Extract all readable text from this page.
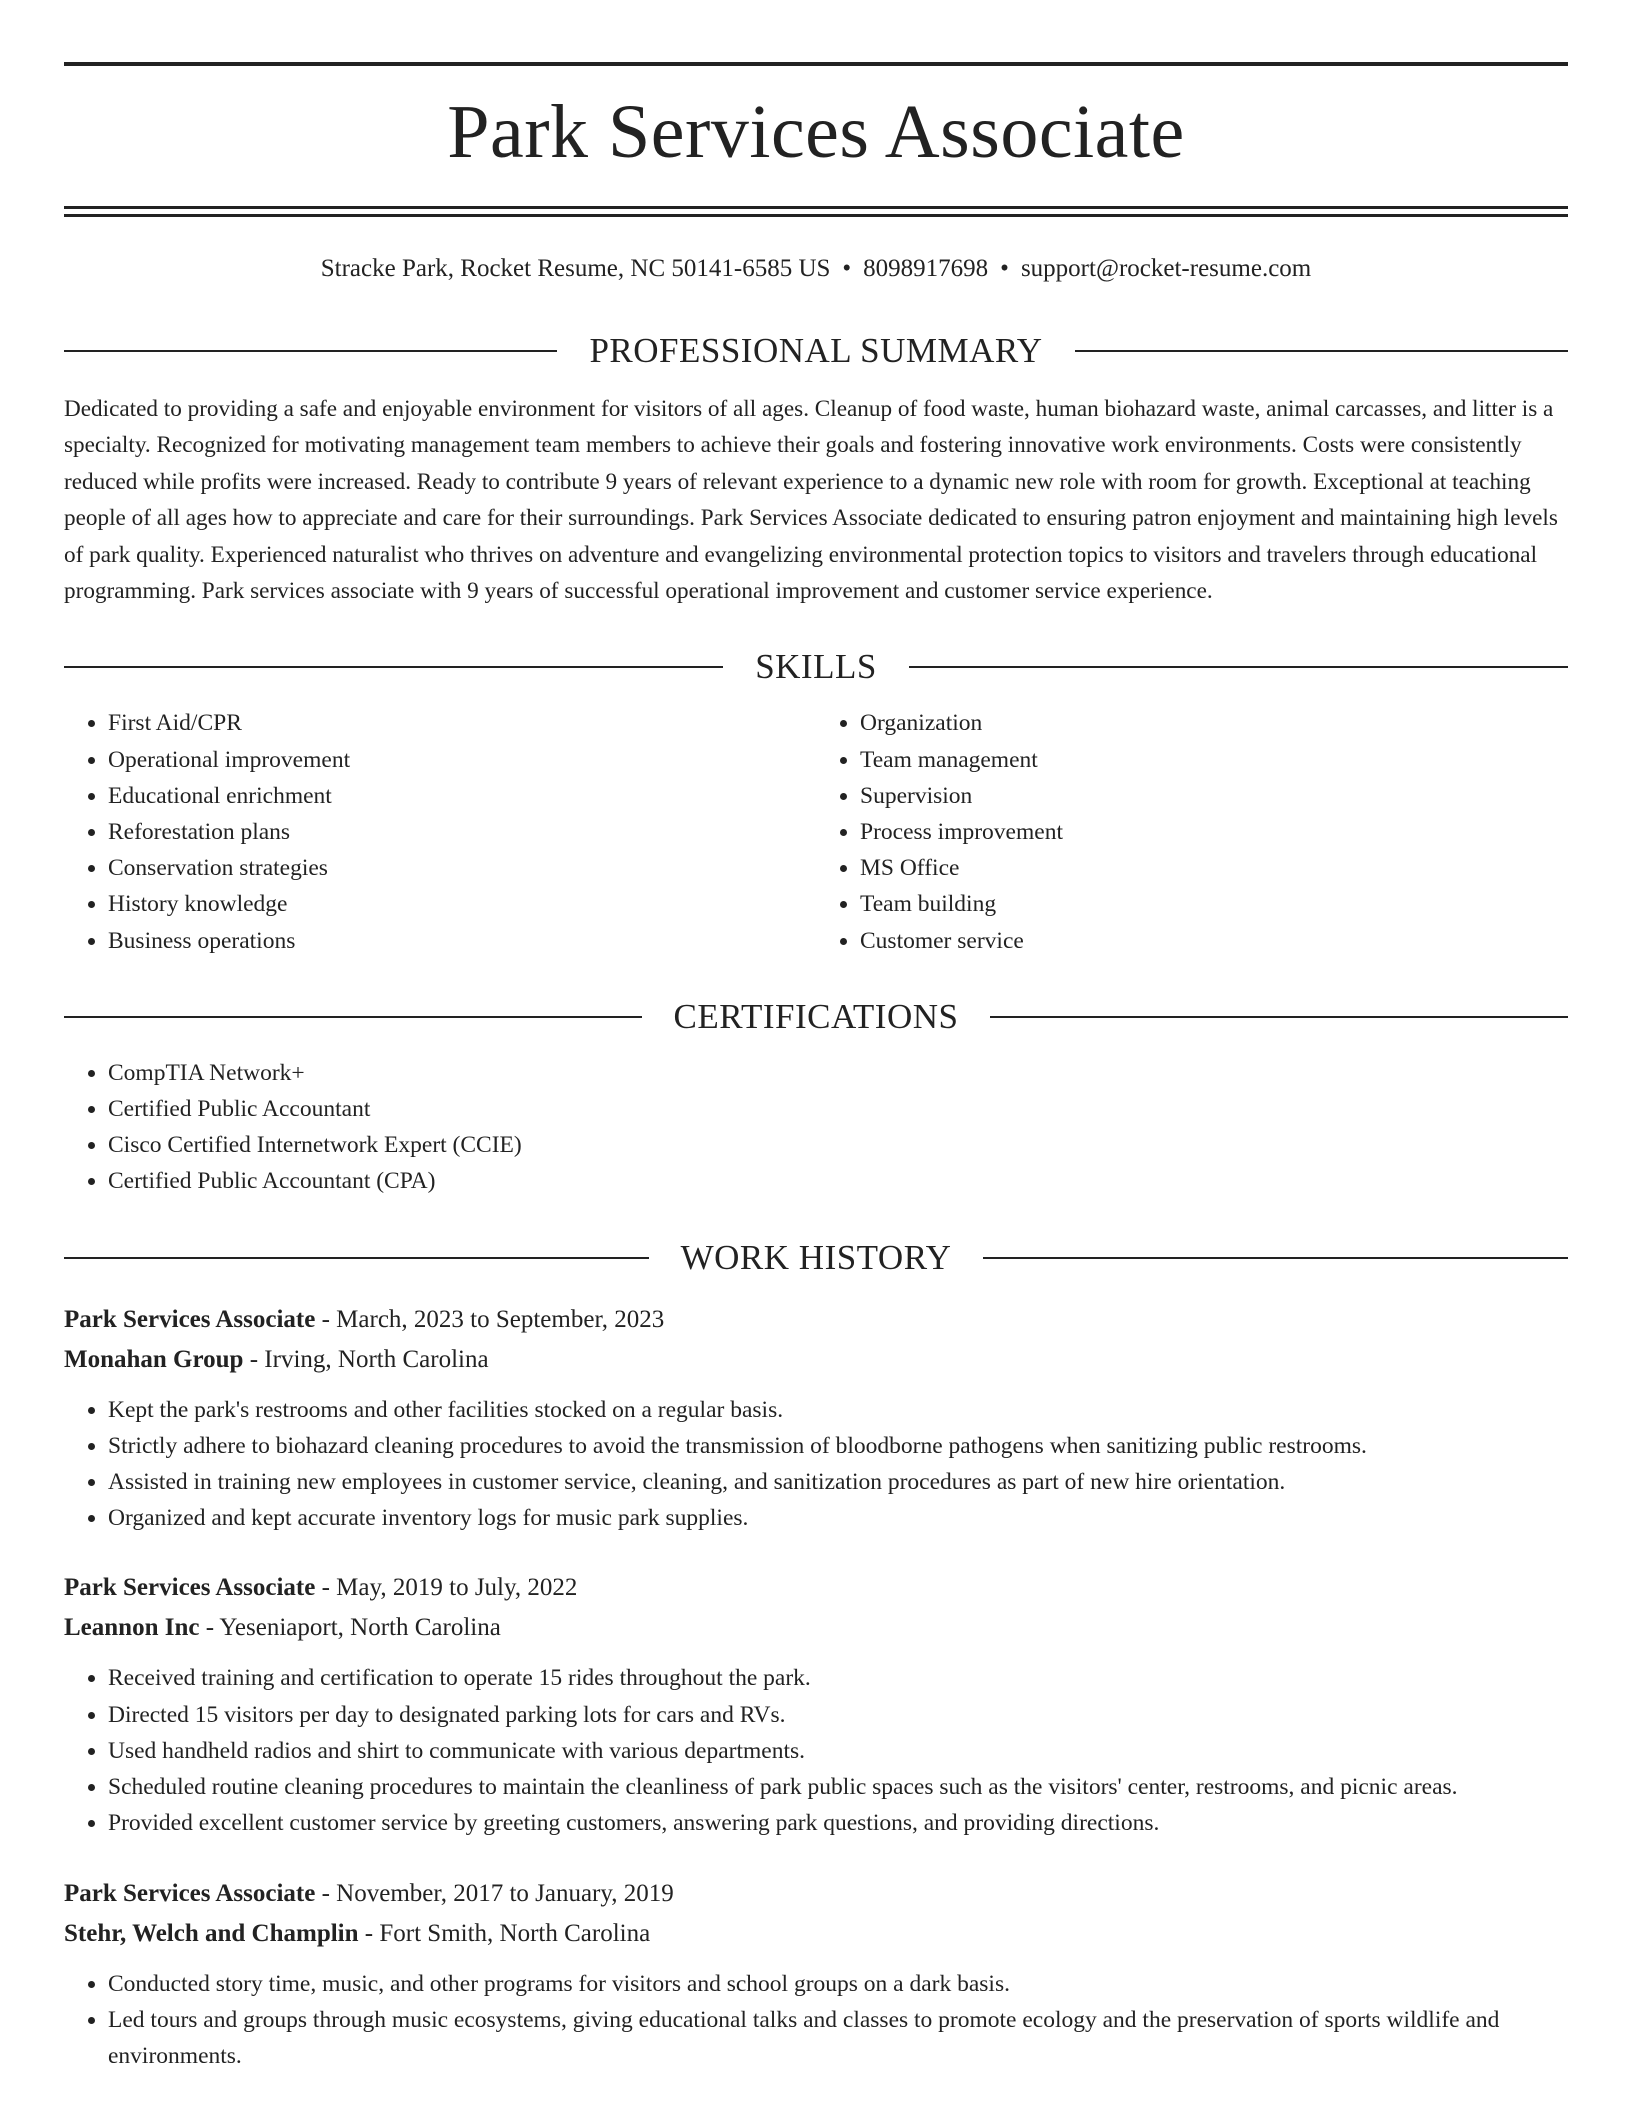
Park Services Associate
Stracke Park, Rocket Resume, NC 50141-6585 US • 8098917698 • support@rocket-resume.com
PROFESSIONAL SUMMARY

Dedicated to providing a safe and enjoyable environment for visitors of all ages. Cleanup of food waste, human biohazard waste, animal carcasses, and litter is a specialty. Recognized for motivating management team members to achieve their goals and fostering innovative work environments. Costs were consistently reduced while profits were increased. Ready to contribute 9 years of relevant experience to a dynamic new role with room for growth. Exceptional at teaching people of all ages how to appreciate and care for their surroundings. Park Services Associate dedicated to ensuring patron enjoyment and maintaining high levels of park quality. Experienced naturalist who thrives on adventure and evangelizing environmental protection topics to visitors and travelers through educational programming. Park services associate with 9 years of successful operational improvement and customer service experience.

SKILLS
• First Aid/CPR
• Operational improvement
• Educational enrichment
• Reforestation plans
• Conservation strategies
• History knowledge
• Business operations
• Organization
• Team management
• Supervision
• Process improvement
• MS Office
• Team building
• Customer service
CERTIFICATIONS
• CompTIA Network+
• Certified Public Accountant
• Cisco Certified Internetwork Expert (CCIE)
• Certified Public Accountant (CPA)
WORK HISTORY
Park Services Associate - March, 2023 to September, 2023
Monahan Group - Irving, North Carolina
• Kept the park's restrooms and other facilities stocked on a regular basis.
• Strictly adhere to biohazard cleaning procedures to avoid the transmission of bloodborne pathogens when sanitizing public restrooms.
• Assisted in training new employees in customer service, cleaning, and sanitization procedures as part of new hire orientation.
• Organized and kept accurate inventory logs for music park supplies.
Park Services Associate - May, 2019 to July, 2022
Leannon Inc - Yeseniaport, North Carolina
• Received training and certification to operate 15 rides throughout the park.
• Directed 15 visitors per day to designated parking lots for cars and RVs.
• Used handheld radios and shirt to communicate with various departments.
• Scheduled routine cleaning procedures to maintain the cleanliness of park public spaces such as the visitors' center, restrooms, and picnic areas.
• Provided excellent customer service by greeting customers, answering park questions, and providing directions.
Park Services Associate - November, 2017 to January, 2019
Stehr, Welch and Champlin - Fort Smith, North Carolina
• Conducted story time, music, and other programs for visitors and school groups on a dark basis.
• Led tours and groups through music ecosystems, giving educational talks and classes to promote ecology and the preservation of sports wildlife and environments.
